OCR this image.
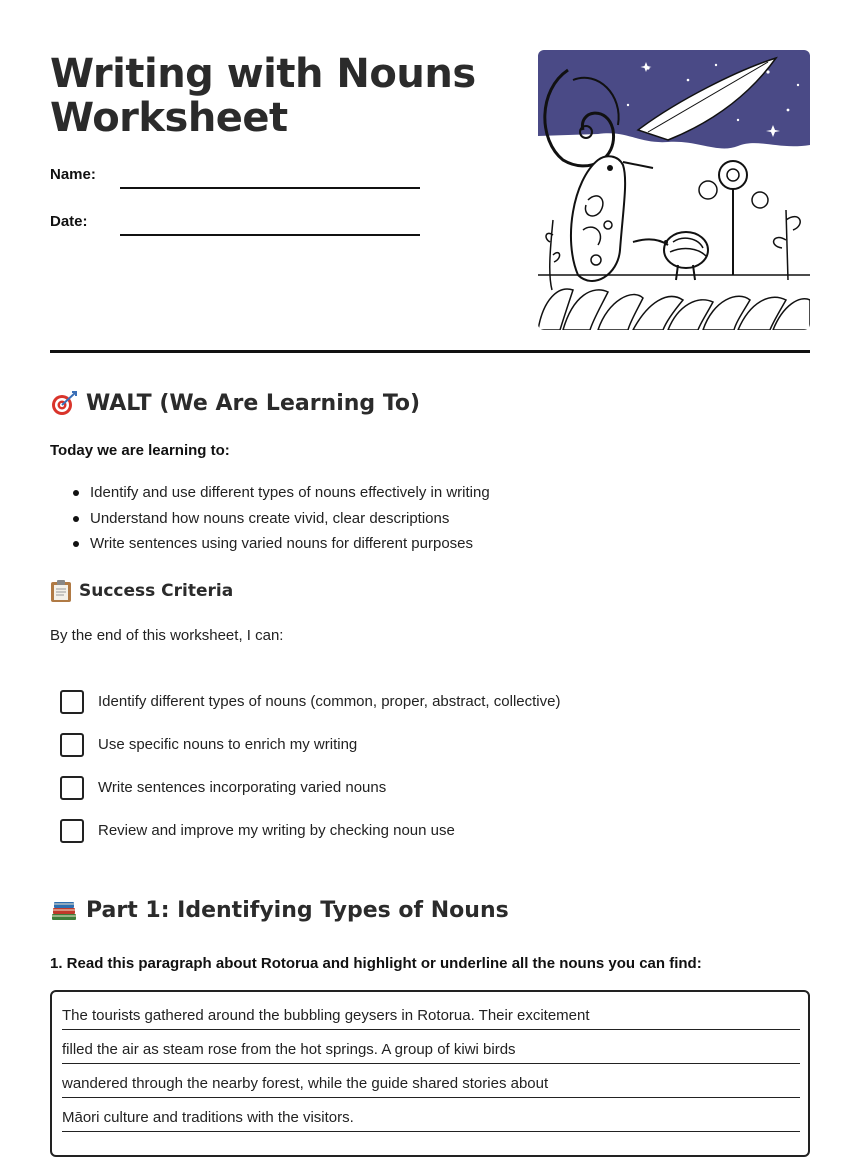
Writing with Nouns Worksheet
Name:
Date:
WALT (We Are Learning To)
Today we are learning to:
Identify and use different types of nouns effectively in writing
Understand how nouns create vivid, clear descriptions
Write sentences using varied nouns for different purposes
Success Criteria
By the end of this worksheet, I can:
Identify different types of nouns (common, proper, abstract, collective)
Use specific nouns to enrich my writing
Write sentences incorporating varied nouns
Review and improve my writing by checking noun use
Part 1: Identifying Types of Nouns
1. Read this paragraph about Rotorua and highlight or underline all the nouns you can find:
The tourists gathered around the bubbling geysers in Rotorua. Their excitement
filled the air as steam rose from the hot springs. A group of kiwi birds
wandered through the nearby forest, while the guide shared stories about
Māori culture and traditions with the visitors.
